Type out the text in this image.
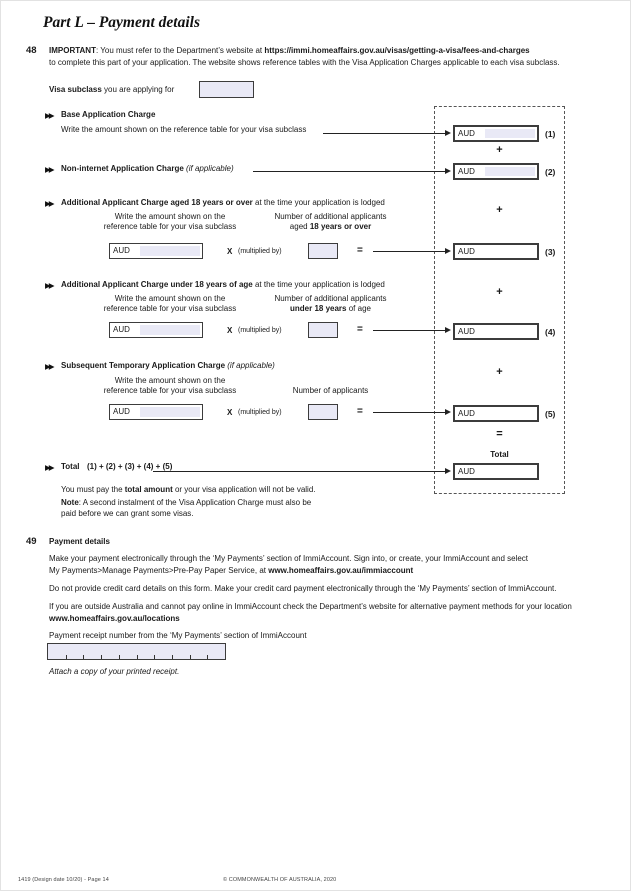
Part L – Payment details
48 IMPORTANT: You must refer to the Department’s website at https://immi.homeaffairs.gov.au/visas/getting-a-visa/fees-and-charges
to complete this part of your application. The website shows reference tables with the Visa Application Charges applicable to each visa subclass.
Visa subclass you are applying for
AUD	(1)
+
AUD	(2)
+
AUD	(3)
+
AUD	(4)
+
AUD	(5)
=
Total
AUD
▶▶ Base Application Charge
Write the amount shown on the reference table for your visa subclass
▶▶ Non-internet Application Charge (if applicable)
▶▶ Additional Applicant Charge aged 18 years or over at the time your application is lodged
Write the amount shown on the
reference table for your visa subclass
Number of additional applicants
aged 18 years or over
AUD	X (multiplied by)	=
▶▶ Additional Applicant Charge under 18 years of age at the time your application is lodged
Write the amount shown on the
reference table for your visa subclass
Number of additional applicants
under 18 years of age
AUD	X (multiplied by)	=
▶▶ Subsequent Temporary Application Charge (if applicable)
Write the amount shown on the
reference table for your visa subclass	Number of applicants
AUD	X (multiplied by)	=
▶▶ Total (1) + (2) + (3) + (4) + (5)
You must pay the total amount or your visa application will not be valid.
Note: A second instalment of the Visa Application Charge must also be
paid before we can grant some visas.
49 Payment details
Make your payment electronically through the ‘My Payments’ section of ImmiAccount. Sign into, or create, your ImmiAccount and select
My Payments>Manage Payments>Pre-Pay Paper Service, at www.homeaffairs.gov.au/immiaccount
Do not provide credit card details on this form. Make your credit card payment electronically through the ‘My Payments’ section of ImmiAccount.
If you are outside Australia and cannot pay online in ImmiAccount check the Department’s website for alternative payment methods for your location
www.homeaffairs.gov.au/locations
Payment receipt number from the ‘My Payments’ section of ImmiAccount
Attach a copy of your printed receipt.
1419 (Design date 10/20) - Page 14	© COMMONWEALTH OF AUSTRALIA, 2020
